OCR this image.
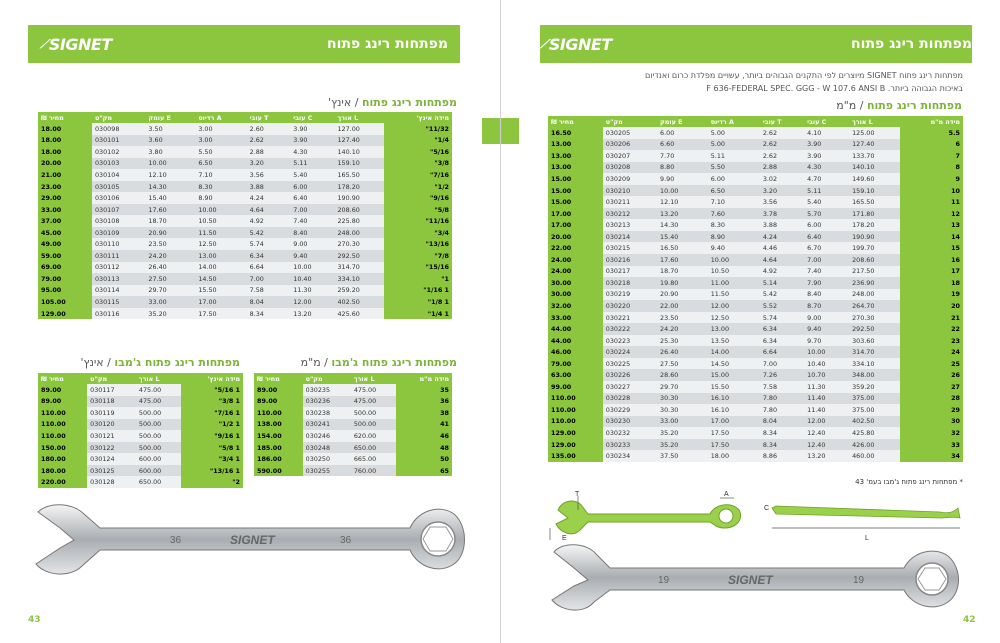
⟋ SIGNET	מפתחות רינג פתוח
מפתחות רינג פתוח / אינץ'
מידה אינץ'	L אורך	C עובי	T עובי	A רדיוס	E עומק	מק"ט	מחיר ₪
11/32"	127.00	3.90	2.60	3.00	3.50	030098	18.00
1/4"	127.40	3.90	2.62	3.00	3.60	030101	18.00
5/16"	140.10	4.30	2.88	5.50	3.80	030102	18.00
3/8"	159.10	5.11	3.20	6.50	10.00	030103	20.00
7/16"	165.50	5.40	3.56	7.10	12.10	030104	21.00
1/2"	178.20	6.00	3.88	8.30	14.30	030105	23.00
9/16"	190.90	6.40	4.24	8.90	15.40	030106	29.00
5/8"	208.60	7.00	4.64	10.00	17.60	030107	33.00
11/16"	225.80	7.40	4.92	10.50	18.70	030108	37.00
3/4"	248.00	8.40	5.42	11.50	20.90	030109	45.00
13/16"	270.30	9.00	5.74	12.50	23.50	030110	49.00
7/8"	292.50	9.40	6.34	13.00	24.20	030111	59.00
15/16"	314.70	10.00	6.64	14.00	26.40	030112	69.00
1"	334.10	10.40	7.00	14.50	27.50	030113	79.00
1 1/16"	259.20	11.30	7.58	15.50	29.70	030114	95.00
1 1/8"	402.50	12.00	8.04	17.00	33.00	030115	105.00
1 1/4"	425.60	13.20	8.34	17.50	35.20	030116	129.00
מפתחות רינג פתוח ג'מבו / מ"מ
מידה מ"מ	L אורך	מק"ט	מחיר ₪
35	475.00	030235	89.00
36	475.00	030236	89.00
38	500.00	030238	110.00
41	500.00	030241	138.00
46	620.00	030246	154.00
48	650.00	030248	185.00
50	665.00	030250	186.00
65	760.00	030255	590.00
מפתחות רינג פתוח ג'מבו / אינץ'
מידה אינץ'	L אורך	מק"ט	מחיר ₪
1 5/16"	475.00	030117	89.00
1 3/8"	475.00	030118	89.00
1 7/16"	500.00	030119	110.00
1 1/2"	500.00	030120	110.00
1 9/16"	500.00	030121	110.00
1 5/8"	500.00	030122	150.00
1 3/4"	600.00	030124	180.00
1 13/16"	600.00	030125	180.00
2"	650.00	030128	220.00
36	SIGNET	36
43	42
⟋ SIGNET	מפתחות רינג פתוח
מפתחות רינג פתוח SIGNET מיוצרים לפי התקנים הגבוהים ביותר, עשויים מפלדת כרום ואנדיום
באיכות הגבוהה ביותר. F 636-FEDERAL SPEC. GGG - W 107.6 ANSI B
מפתחות רינג פתוח / מ"מ
מידה מ"מ	L אורך	C עובי	T עובי	A רדיוס	E עומק	מק"ט	מחיר ₪
5.5	125.00	4.10	2.62	5.00	6.00	030205	16.50
6	127.40	3.90	2.62	5.00	6.60	030206	13.00
7	133.70	3.90	2.62	5.11	7.70	030207	13.00
8	140.10	4.30	2.88	5.50	8.80	030208	13.00
9	149.60	4.70	3.02	6.00	9.90	030209	15.00
10	159.10	5.11	3.20	6.50	10.00	030210	15.00
11	165.50	5.40	3.56	7.10	12.10	030211	15.00
12	171.80	5.70	3.78	7.60	13.20	030212	17.00
13	178.20	6.00	3.88	8.30	14.30	030213	17.00
14	190.90	6.40	4.24	8.90	15.40	030214	20.00
15	199.70	6.70	4.46	9.40	16.50	030215	22.00
16	208.60	7.00	4.64	10.00	17.60	030216	24.00
17	217.50	7.40	4.92	10.50	18.70	030217	24.00
18	236.90	7.90	5.14	11.00	19.80	030218	30.00
19	248.00	8.40	5.42	11.50	20.90	030219	30.00
20	264.70	8.70	5.52	12.00	22.00	030220	32.00
21	270.30	9.00	5.74	12.50	23.50	030221	33.00
22	292.50	9.40	6.34	13.00	24.20	030222	44.00
23	303.60	9.70	6.34	13.50	25.30	030223	44.00
24	314.70	10.00	6.64	14.00	26.40	030224	46.00
25	334.10	10.40	7.00	14.50	27.50	030225	79.00
26	348.00	10.70	7.26	15.00	28.60	030226	63.00
27	359.20	11.30	7.58	15.50	29.70	030227	99.00
28	375.00	11.40	7.80	16.10	30.30	030228	110.00
29	375.00	11.40	7.80	16.10	30.30	030229	110.00
30	402.50	12.00	8.04	17.00	33.00	030230	110.00
32	425.80	12.40	8.34	17.50	35.20	030232	129.00
33	426.00	12.40	8.34	17.50	35.20	030233	129.00
34	460.00	13.20	8.86	18.00	37.50	030234	135.00
* מפתחות רינג פתוח ג'מבו בעמ' 43
T	A
E
C
L
19	SIGNET	19
